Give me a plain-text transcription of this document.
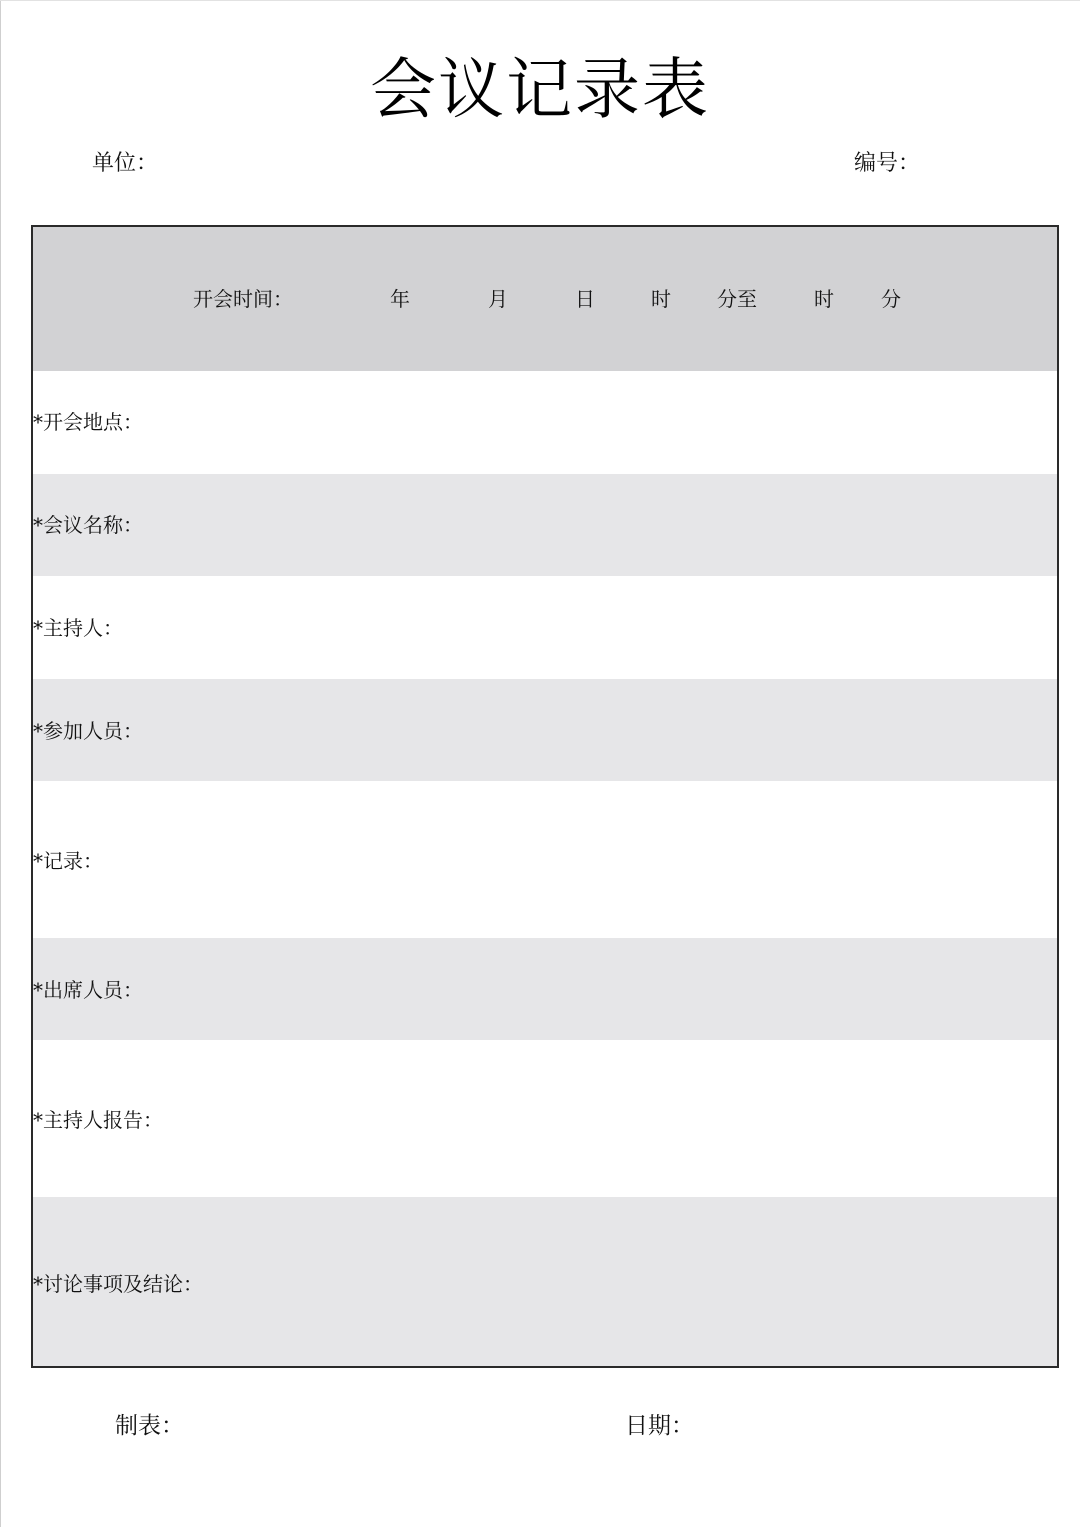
会议记录表
单位：	编号：
开会时间：	年	月	日	时 分至	时 分
*开会地点：
*会议名称：
*主持人：
*参加人员：
*记录：
*出席人员：
*主持人报告：
*讨论事项及结论：
制表：	日期：
